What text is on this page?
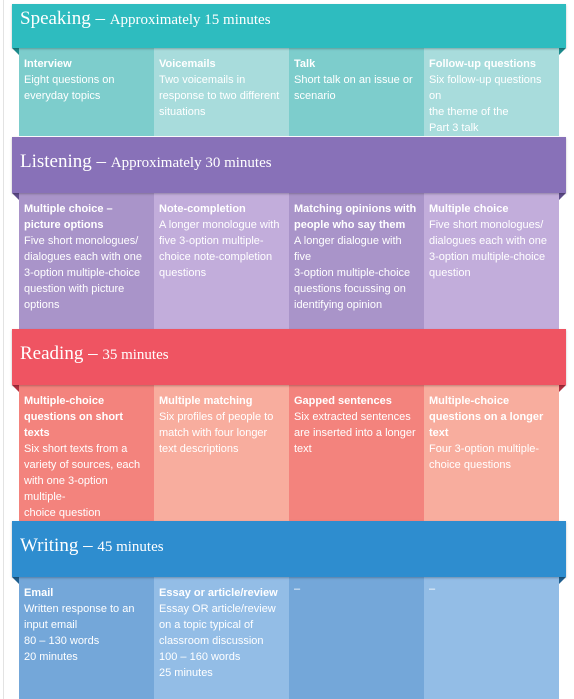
Speaking – Approximately 15 minutes
Interview
Eight questions on
everyday topics
Voicemails
Two voicemails in
response to two different
situations
Talk
Short talk on an issue or
scenario
Follow-up questions
Six follow-up questions on
the theme of the
Part 3 talk
Listening – Approximately 30 minutes
Multiple choice –
picture options
Five short monologues/
dialogues each with one
3-option multiple-choice
question with picture
options
Note-completion
A longer monologue with
five 3-option multiple-
choice note-completion
questions
Matching opinions with
people who say them
A longer dialogue with five
3-option multiple-choice
questions focussing on
identifying opinion
Multiple choice
Five short monologues/
dialogues each with one
3-option multiple-choice
question
Reading – 35 minutes
Multiple-choice
questions on short
texts
Six short texts from a
variety of sources, each
with one 3-option multiple-
choice question
Multiple matching
Six profiles of people to
match with four longer
text descriptions
Gapped sentences
Six extracted sentences
are inserted into a longer
text
Multiple-choice
questions on a longer
text
Four 3-option multiple-
choice questions
Writing – 45 minutes
Email
Written response to an
input email
80 – 130 words
20 minutes
Essay or article/review
Essay OR article/review
on a topic typical of
classroom discussion
100 – 160 words
25 minutes
–	–
